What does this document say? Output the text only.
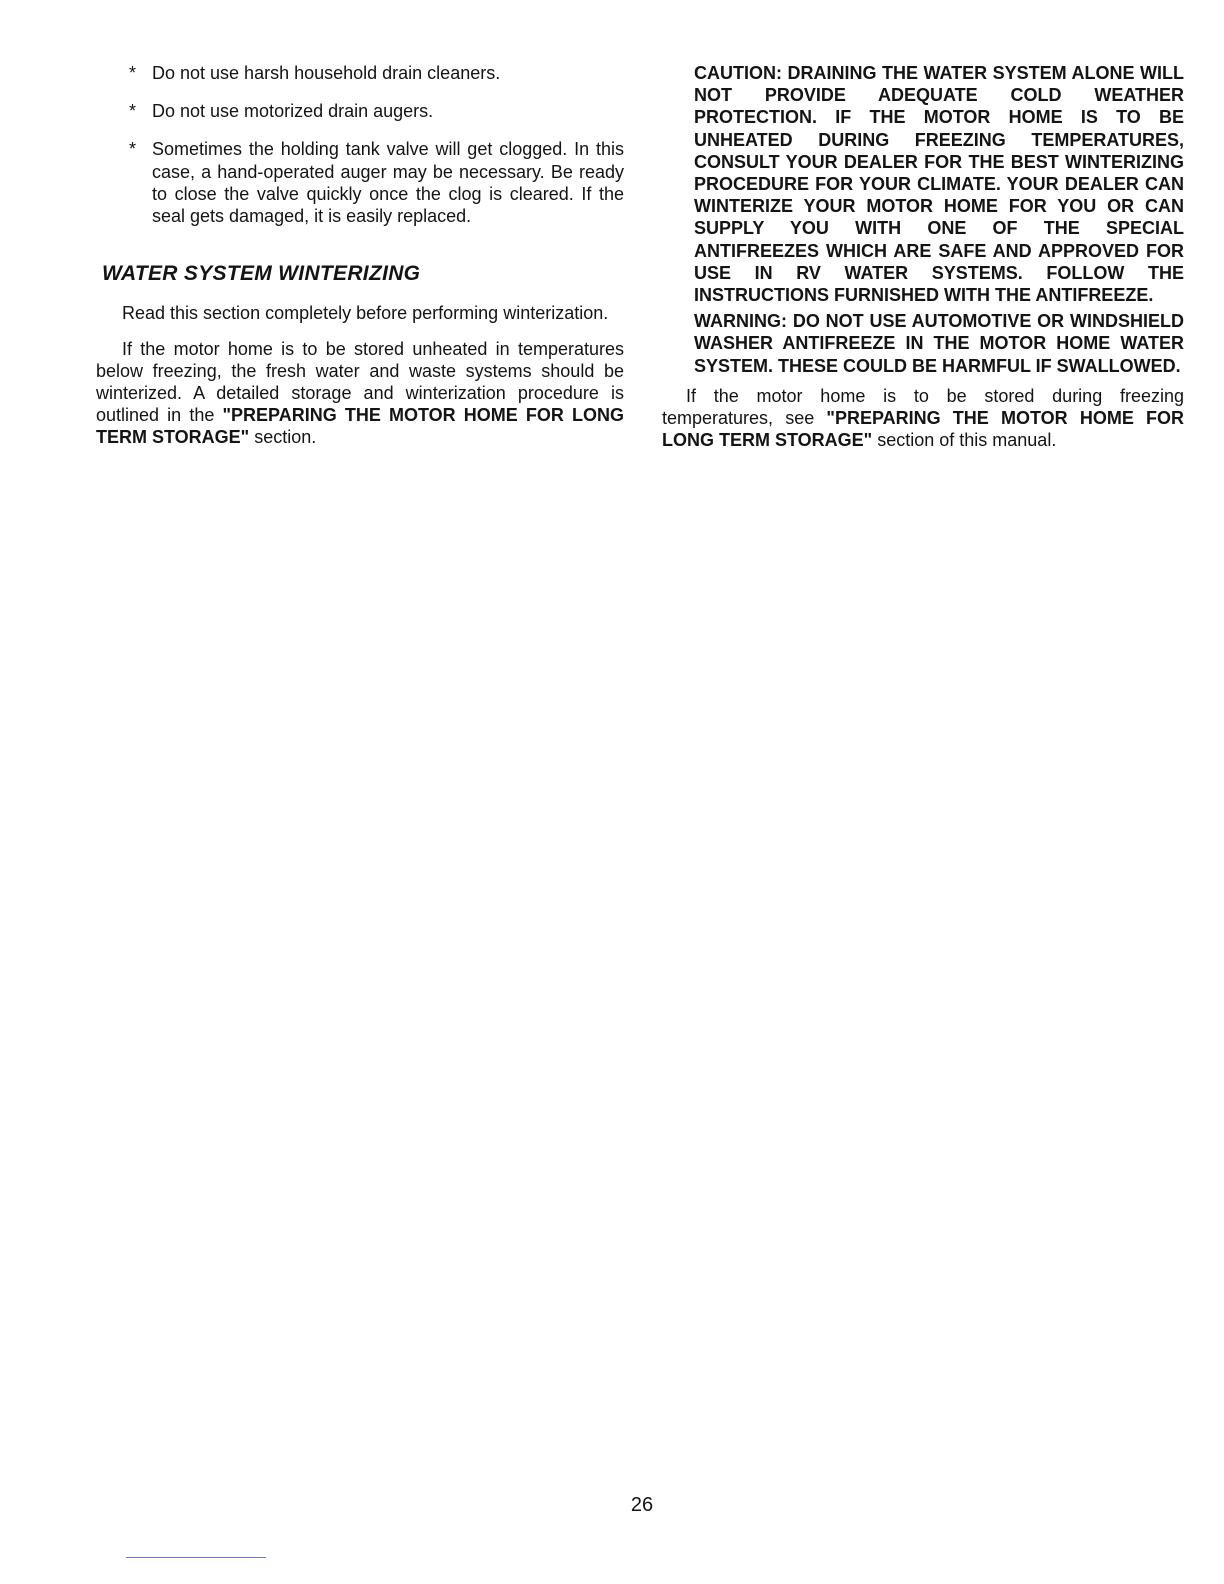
* Do not use harsh household drain cleaners.
* Do not use motorized drain augers.
* Sometimes the holding tank valve will get clogged. In this case, a hand-operated auger may be necessary. Be ready to close the valve quickly once the clog is cleared. If the seal gets damaged, it is easily replaced.
WATER SYSTEM WINTERIZING

Read this section completely before performing winterization.

If the motor home is to be stored unheated in temperatures below freezing, the fresh water and waste systems should be winterized. A detailed storage and winterization procedure is outlined in the "PREPARING THE MOTOR HOME FOR LONG TERM STORAGE" section.

CAUTION: DRAINING THE WATER SYSTEM ALONE WILL NOT PROVIDE ADEQUATE COLD WEATHER PROTECTION. IF THE MOTOR HOME IS TO BE UNHEATED DURING FREEZING TEMPERATURES, CONSULT YOUR DEALER FOR THE BEST WINTERIZING PROCEDURE FOR YOUR CLIMATE. YOUR DEALER CAN WINTERIZE YOUR MOTOR HOME FOR YOU OR CAN SUPPLY YOU WITH ONE OF THE SPECIAL ANTIFREEZES WHICH ARE SAFE AND APPROVED FOR USE IN RV WATER SYSTEMS. FOLLOW THE INSTRUCTIONS FURNISHED WITH THE ANTIFREEZE.

WARNING: DO NOT USE AUTOMOTIVE OR WINDSHIELD WASHER ANTIFREEZE IN THE MOTOR HOME WATER SYSTEM. THESE COULD BE HARMFUL IF SWALLOWED.

If the motor home is to be stored during freezing temperatures, see "PREPARING THE MOTOR HOME FOR LONG TERM STORAGE" section of this manual.

26
